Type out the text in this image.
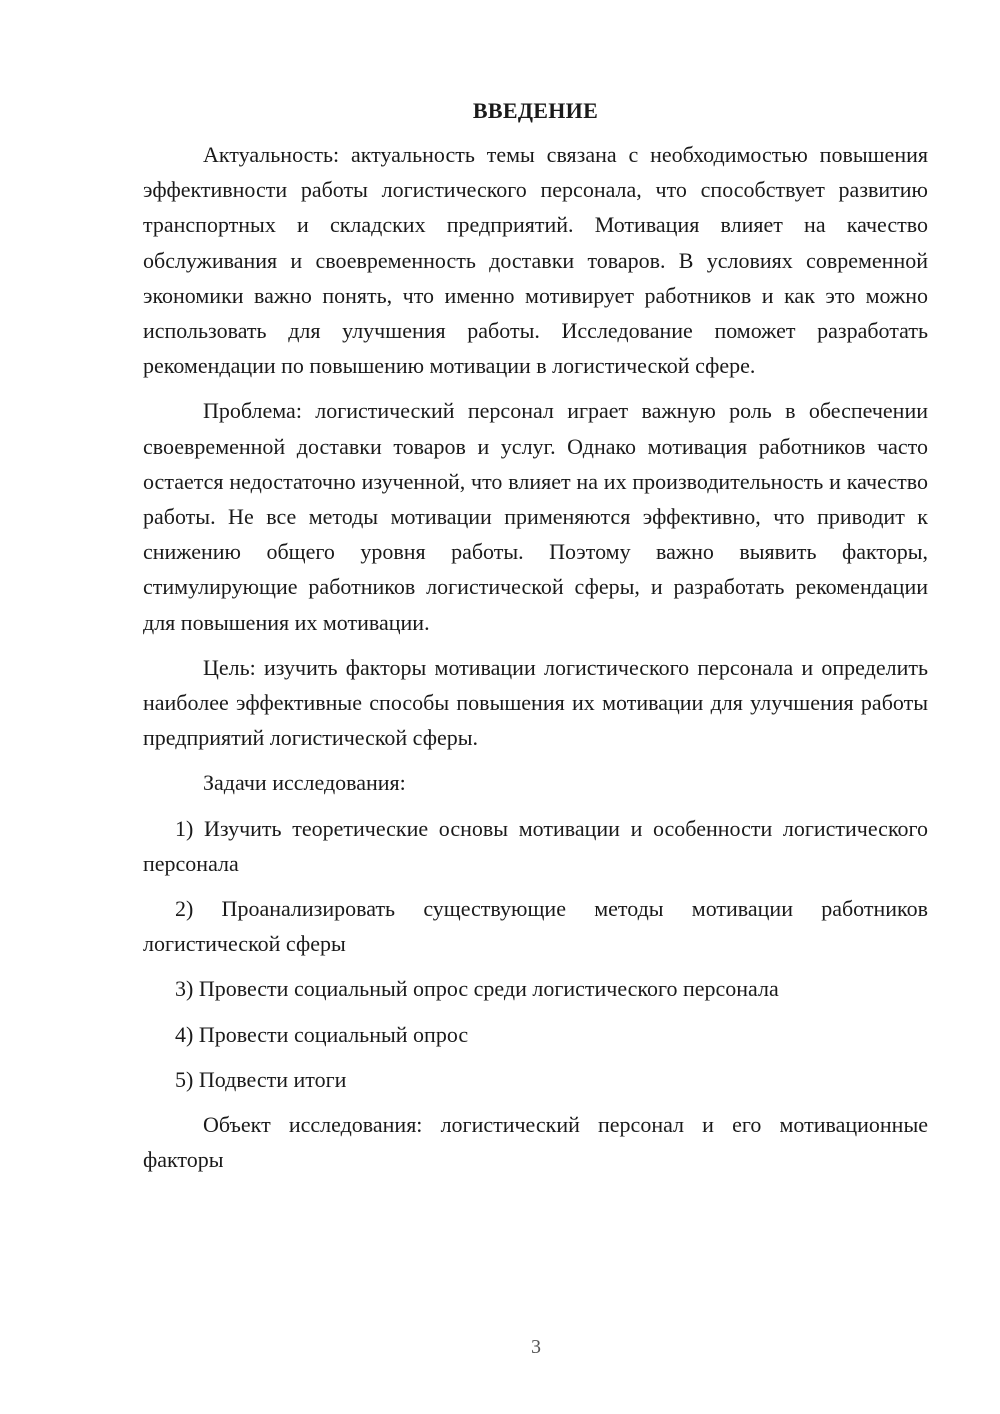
ВВЕДЕНИЕ

Актуальность: актуальность темы связана с необходимостью повышения эффективности работы логистического персонала, что способствует развитию транспортных и складских предприятий. Мотивация влияет на качество обслуживания и своевременность доставки товаров. В условиях современной экономики важно понять, что именно мотивирует работников и как это можно использовать для улучшения работы. Исследование поможет разработать рекомендации по повышению мотивации в логистической сфере.

Проблема: логистический персонал играет важную роль в обеспечении своевременной доставки товаров и услуг. Однако мотивация работников часто остается недостаточно изученной, что влияет на их производительность и качество работы. Не все методы мотивации применяются эффективно, что приводит к снижению общего уровня работы. Поэтому важно выявить факторы, стимулирующие работников логистической сферы, и разработать рекомендации для повышения их мотивации.

Цель: изучить факторы мотивации логистического персонала и определить наиболее эффективные способы повышения их мотивации для улучшения работы предприятий логистической сферы.

Задачи исследования:

1) Изучить теоретические основы мотивации и особенности логистического персонала

2) Проанализировать существующие методы мотивации работников логистической сферы

3) Провести социальный опрос среди логистического персонала

4) Провести социальный опрос

5) Подвести итоги

Объект исследования: логистический персонал и его мотивационные факторы

3
